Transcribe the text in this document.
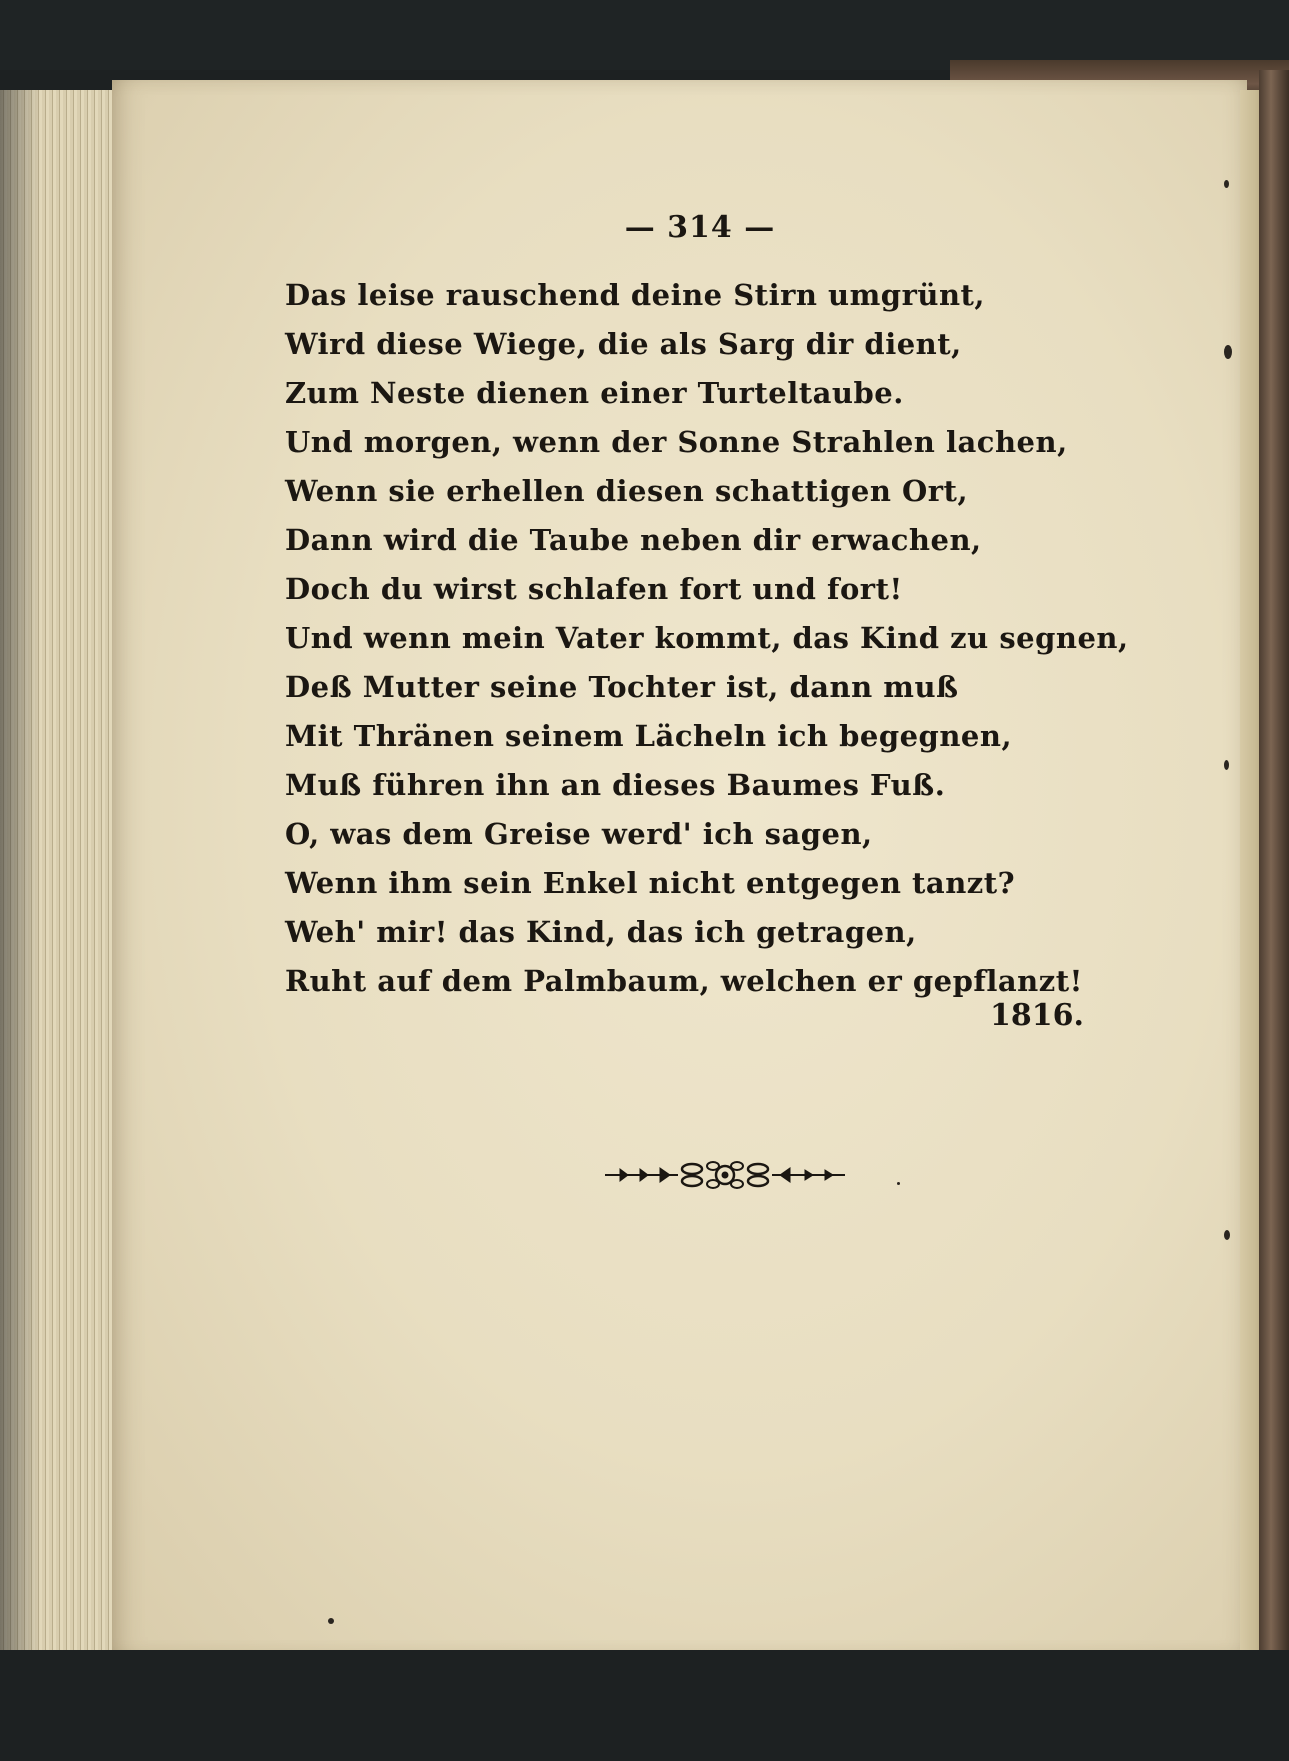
— 314 —
Das leise rauschend deine Stirn umgrünt,
Wird diese Wiege, die als Sarg dir dient,
Zum Neste dienen einer Turteltaube.
Und morgen, wenn der Sonne Strahlen lachen,
Wenn sie erhellen diesen schattigen Ort,
Dann wird die Taube neben dir erwachen,
Doch du wirst schlafen fort und fort!
Und wenn mein Vater kommt, das Kind zu segnen,
Deß Mutter seine Tochter ist, dann muß
Mit Thränen seinem Lächeln ich begegnen,
Muß führen ihn an dieses Baumes Fuß.
O, was dem Greise werd' ich sagen,
Wenn ihm sein Enkel nicht entgegen tanzt?
Weh' mir! das Kind, das ich getragen,
Ruht auf dem Palmbaum, welchen er gepflanzt!
1816.
